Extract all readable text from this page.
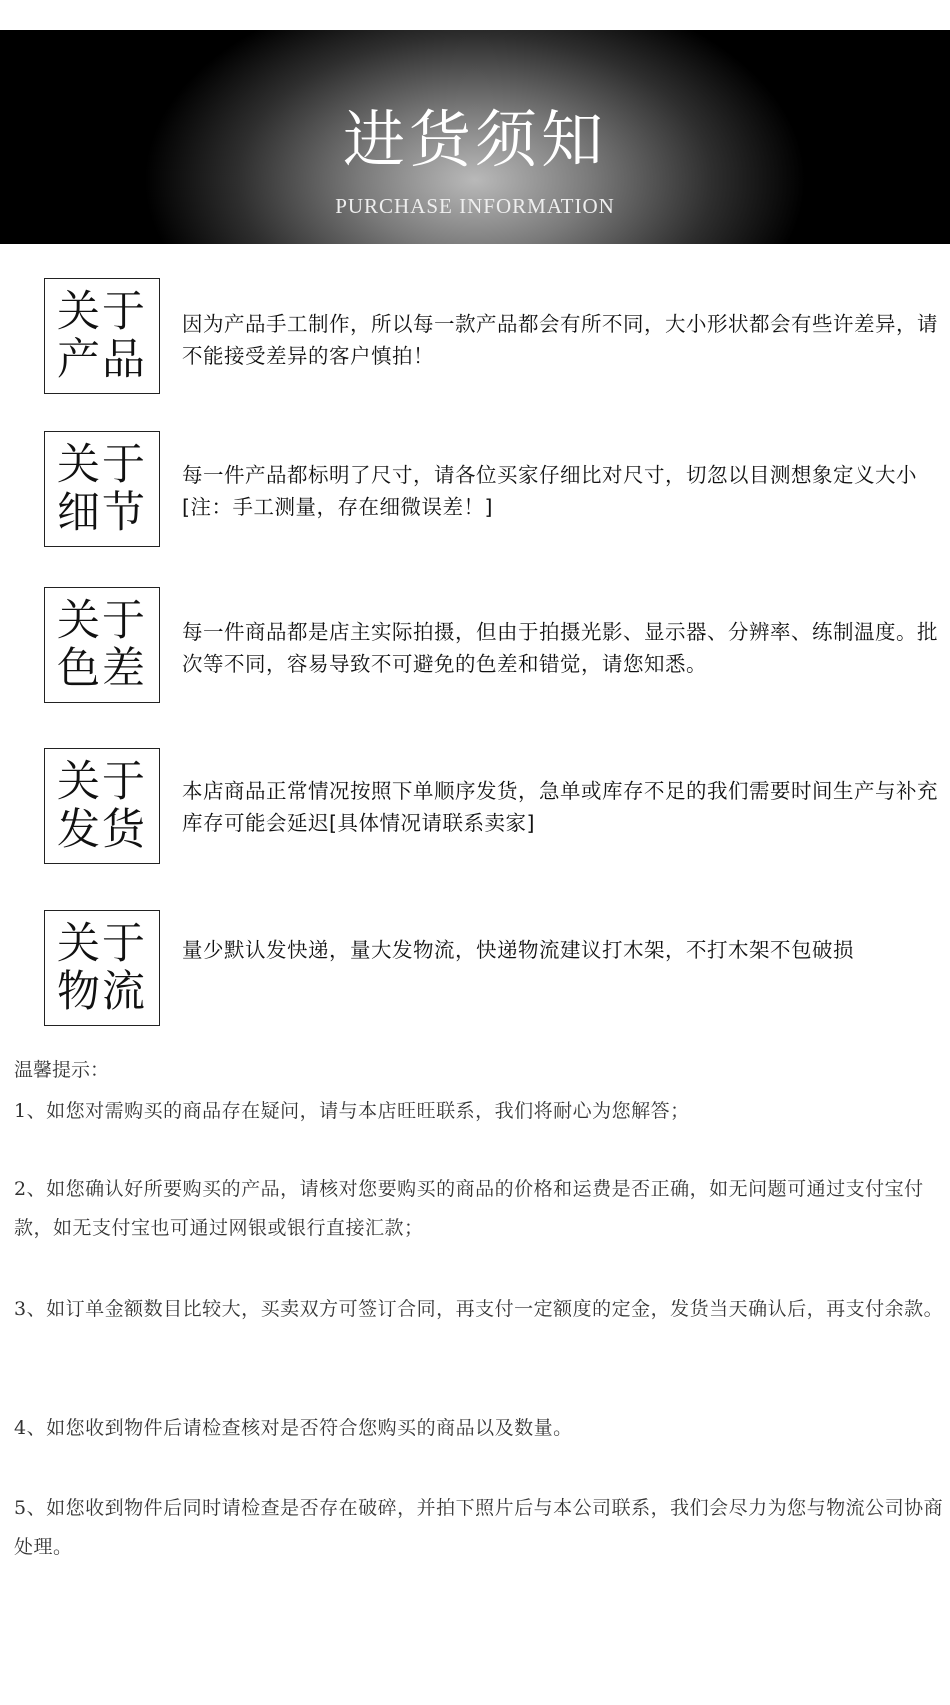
进货须知
PURCHASE INFORMATION
关于
产品
因为产品手工制作，所以每一款产品都会有所不同，大小形状都会有些许差异，请不能接受差异的客户慎拍！
关于
细节
每一件产品都标明了尺寸，请各位买家仔细比对尺寸，切忽以目测想象定义大小[注：手工测量，存在细微误差！]
关于
色差
每一件商品都是店主实际拍摄，但由于拍摄光影、显示器、分辨率、练制温度。批次等不同，容易导致不可避免的色差和错觉，请您知悉。
关于
发货
本店商品正常情况按照下单顺序发货，急单或库存不足的我们需要时间生产与补充库存可能会延迟[具体情况请联系卖家]
关于
物流
量少默认发快递，量大发物流，快递物流建议打木架，不打木架不包破损
温馨提示：
1、如您对需购买的商品存在疑问，请与本店旺旺联系，我们将耐心为您解答；
2、如您确认好所要购买的产品，请核对您要购买的商品的价格和运费是否正确，如无问题可通过支付宝付款，如无支付宝也可通过网银或银行直接汇款；
3、如订单金额数目比较大，买卖双方可签订合同，再支付一定额度的定金，发货当天确认后，再支付余款。
4、如您收到物件后请检查核对是否符合您购买的商品以及数量。
5、如您收到物件后同时请检查是否存在破碎，并拍下照片后与本公司联系，我们会尽力为您与物流公司协商处理。
